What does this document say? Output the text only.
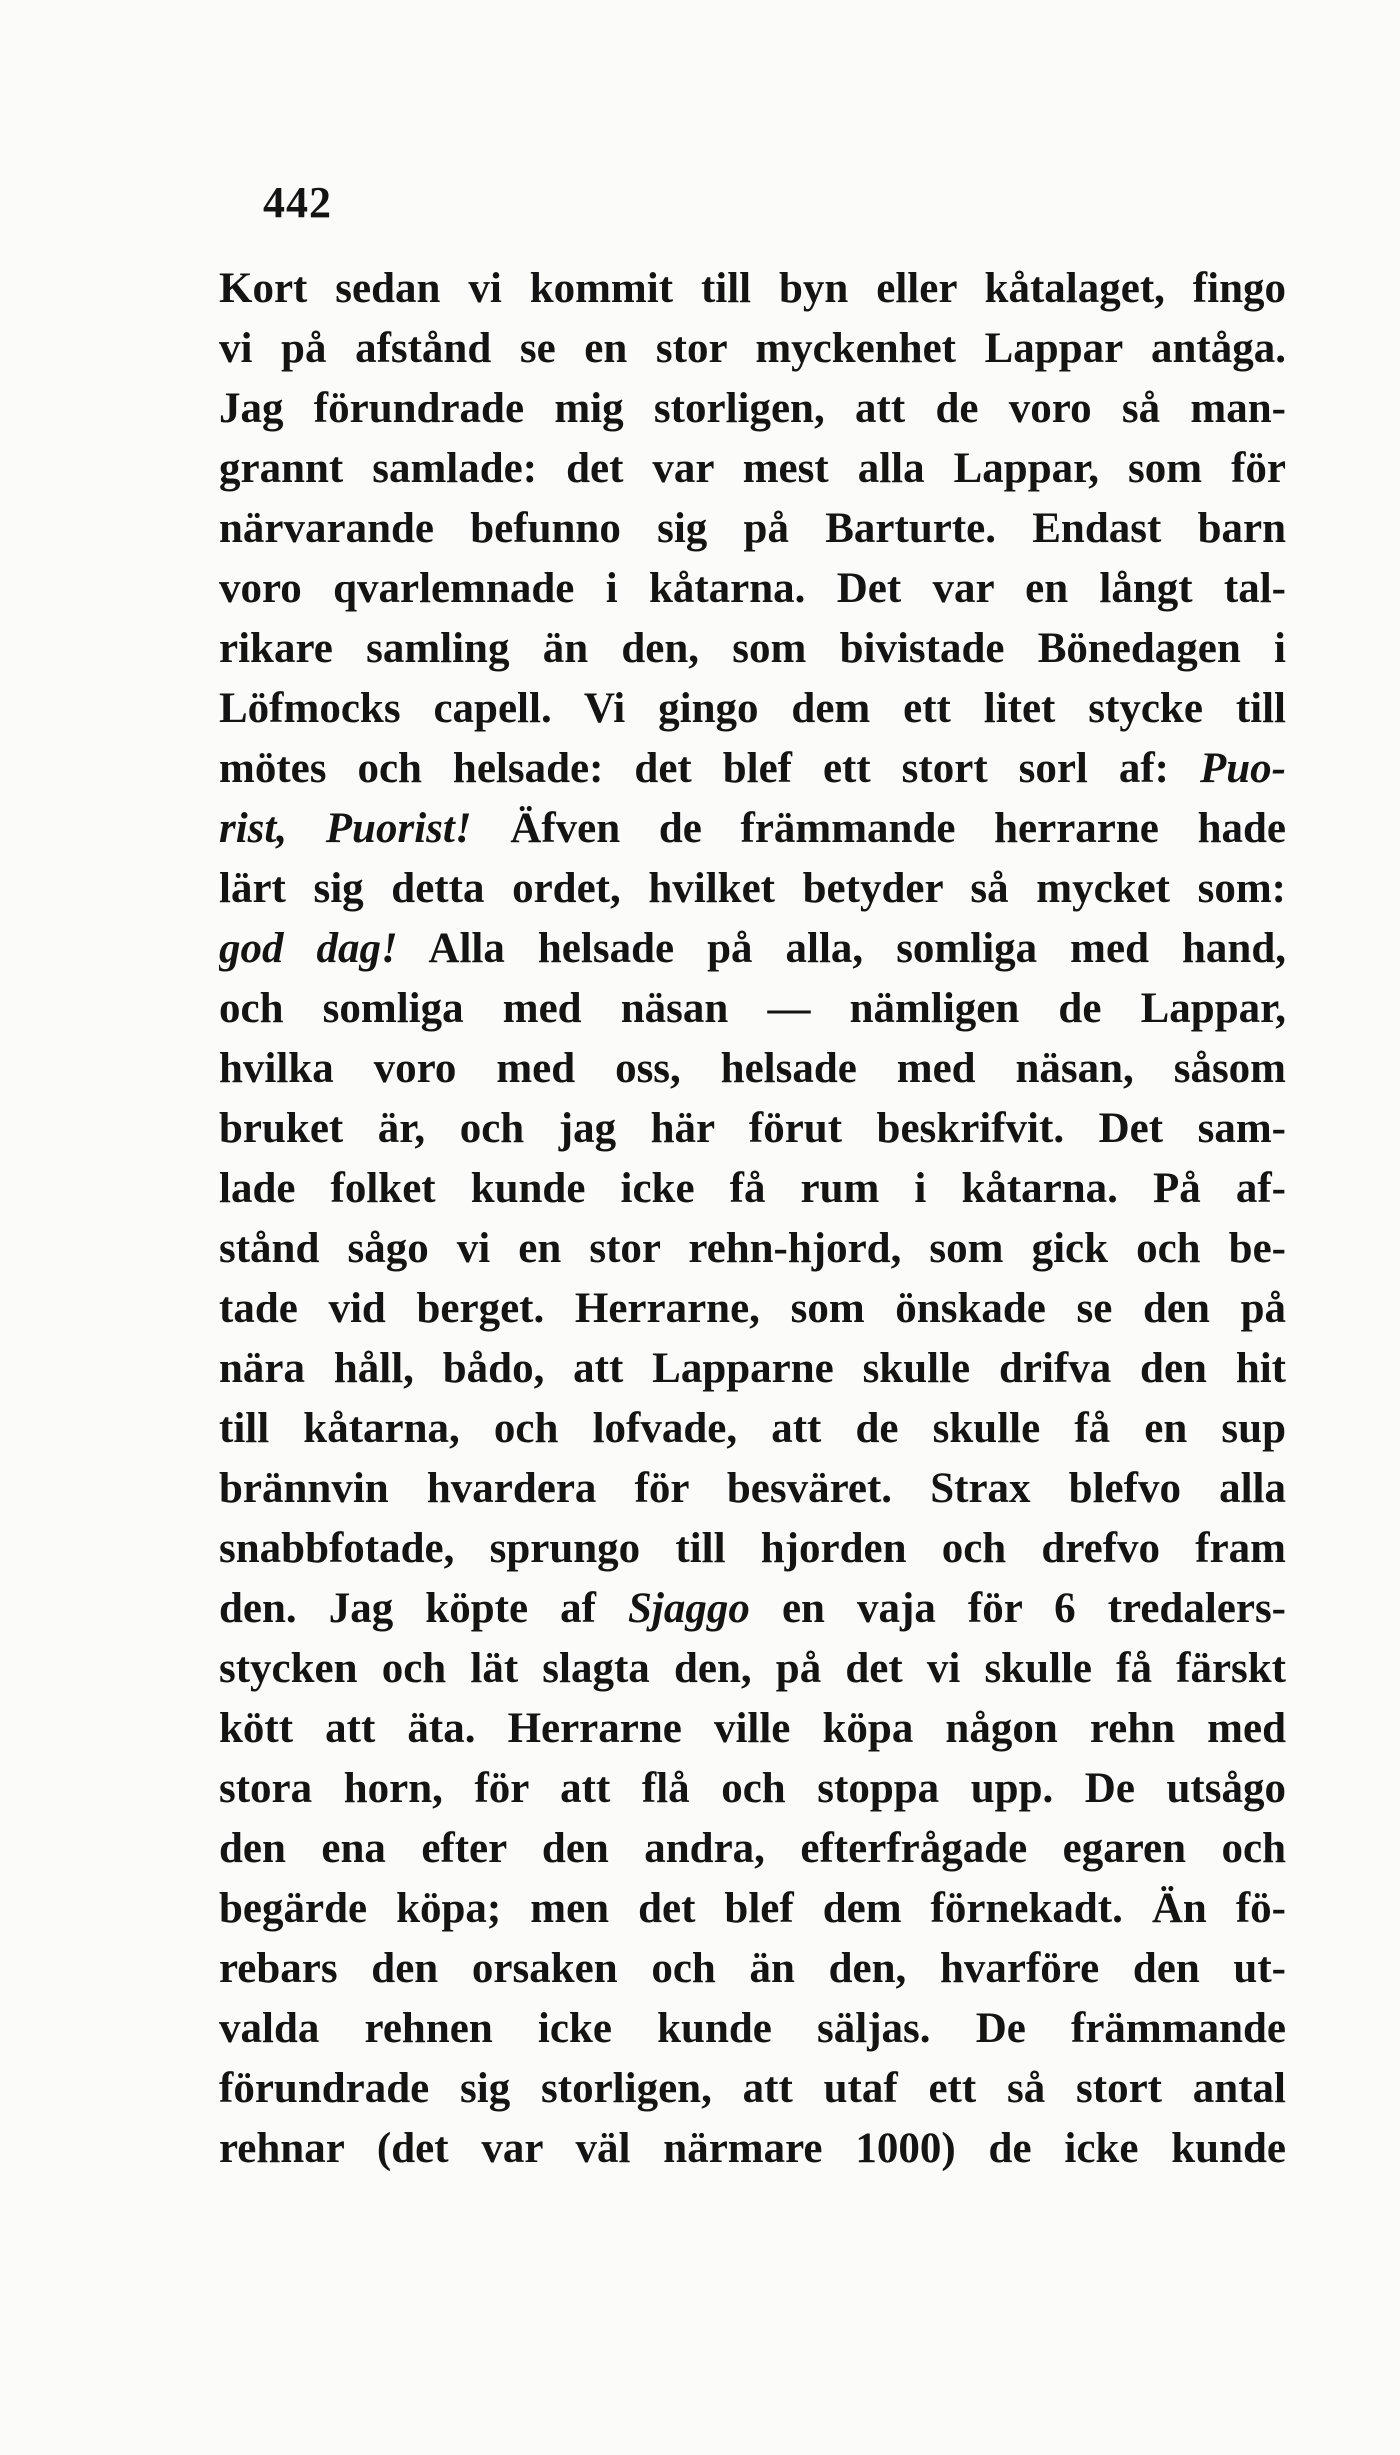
442
Kort sedan vi kommit till byn eller kåtalaget, fingo
vi på afstånd se en stor myckenhet Lappar antåga.
Jag förundrade mig storligen, att de voro så man-
grannt samlade: det var mest alla Lappar, som för
närvarande befunno sig på Barturte. Endast barn
voro qvarlemnade i kåtarna. Det var en långt tal-
rikare samling än den, som bivistade Bönedagen i
Löfmocks capell. Vi gingo dem ett litet stycke till
mötes och helsade: det blef ett stort sorl af: Puo-
rist, Puorist! Äfven de främmande herrarne hade
lärt sig detta ordet, hvilket betyder så mycket som:
god dag! Alla helsade på alla, somliga med hand,
och somliga med näsan — nämligen de Lappar,
hvilka voro med oss, helsade med näsan, såsom
bruket är, och jag här förut beskrifvit. Det sam-
lade folket kunde icke få rum i kåtarna. På af-
stånd sågo vi en stor rehn-hjord, som gick och be-
tade vid berget. Herrarne, som önskade se den på
nära håll, bådo, att Lapparne skulle drifva den hit
till kåtarna, och lofvade, att de skulle få en sup
brännvin hvardera för besväret. Strax blefvo alla
snabbfotade, sprungo till hjorden och drefvo fram
den. Jag köpte af Sjaggo en vaja för 6 tredalers-
stycken och lät slagta den, på det vi skulle få färskt
kött att äta. Herrarne ville köpa någon rehn med
stora horn, för att flå och stoppa upp. De utsågo
den ena efter den andra, efterfrågade egaren och
begärde köpa; men det blef dem förnekadt. Än fö-
rebars den orsaken och än den, hvarföre den ut-
valda rehnen icke kunde säljas. De främmande
förundrade sig storligen, att utaf ett så stort antal
rehnar (det var väl närmare 1000) de icke kunde
